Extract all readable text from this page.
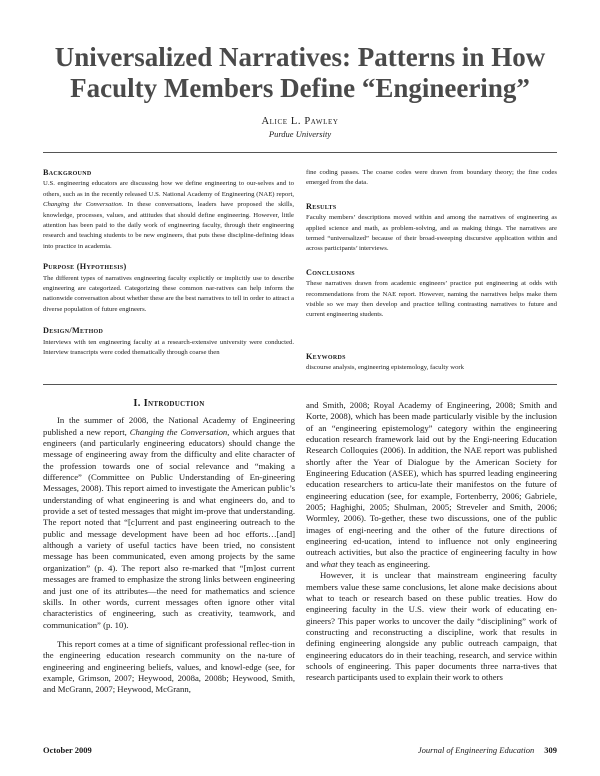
Universalized Narratives: Patterns in How
Faculty Members Define “Engineering”
Alice L. Pawley
Purdue University
Background

U.S. engineering educators are discussing how we define engineering to our-selves and to others, such as in the recently released U.S. National Academy of Engineering (NAE) report, Changing the Conversation. In these conversations, leaders have proposed the skills, knowledge, processes, values, and attitudes that should define engineering. However, little attention has been paid to the daily work of engineering faculty, through their engineering research and teaching students to be new engineers, that puts these discipline-defining ideas into practice in academia.

Purpose (Hypothesis)

The different types of narratives engineering faculty explicitly or implicitly use to describe engineering are categorized. Categorizing these common nar-ratives can help inform the nationwide conversation about whether these are the best narratives to tell in order to attract a diverse population of future engineers.

Design/Method

Interviews with ten engineering faculty at a research-extensive university were conducted. Interview transcripts were coded thematically through coarse then

fine coding passes. The coarse codes were drawn from boundary theory; the fine codes emerged from the data.

Results

Faculty members’ descriptions moved within and among the narratives of engineering as applied science and math, as problem-solving, and as making things. The narratives are termed “universalized” because of their broad-sweeping discursive application within and across participants’ interviews.

Conclusions

These narratives drawn from academic engineers’ practice put engineering at odds with recommendations from the NAE report. However, naming the narratives helps make them visible so we may then develop and practice telling contrasting narratives to future and current engineering students.

Keywords

discourse analysis, engineering epistemology, faculty work

I. Introduction

In the summer of 2008, the National Academy of Engineering published a new report, Changing the Conversation, which argues that engineers (and particularly engineering educators) should change the message of engineering away from the difficulty and elite character of the profession towards one of social relevance and “making a difference” (Committee on Public Understanding of En-gineering Messages, 2008). This report aimed to investigate the American public’s understanding of what engineering is and what engineers do, and to provide a set of tested messages that might im-prove that understanding. The report noted that “[c]urrent and past engineering outreach to the public and message development have been ad hoc efforts…[and] although a variety of useful tactics have been tried, no consistent message has been communicated, even among projects by the same organization” (p. 4). The report also re-marked that “[m]ost current messages are framed to emphasize the strong links between engineering and just one of its attributes—the need for mathematics and science skills. In other words, current messages often ignore other vital characteristics of engineering, such as creativity, teamwork, and communication” (p. 10).

This report comes at a time of significant professional reflec-tion in the engineering education research community on the na-ture of engineering and engineering beliefs, values, and knowl-edge (see, for example, Grimson, 2007; Heywood, 2008a, 2008b; Heywood, Smith, and McGrann, 2007; Heywood, McGrann,

and Smith, 2008; Royal Academy of Engineering, 2008; Smith and Korte, 2008), which has been made particularly visible by the inclusion of an “engineering epistemology” category within the engineering education research framework laid out by the Engi-neering Education Research Colloquies (2006). In addition, the NAE report was published shortly after the Year of Dialogue by the American Society for Engineering Education (ASEE), which has spurred leading engineering education researchers to articu-late their manifestos on the future of engineering education (see, for example, Fortenberry, 2006; Gabriele, 2005; Haghighi, 2005; Shulman, 2005; Streveler and Smith, 2006; Wormley, 2006). To-gether, these two discussions, one of the public images of engi-neering and the other of the future directions of engineering ed-ucation, intend to influence not only engineering outreach activities, but also the practice of engineering faculty in how and what they teach as engineering.

However, it is unclear that mainstream engineering faculty members value these same conclusions, let alone make decisions about what to teach or research based on these public treaties. How do engineering faculty in the U.S. view their work of educating en-gineers? This paper works to uncover the daily “disciplining” work of constructing and reconstructing a discipline, work that results in defining engineering alongside any public outreach campaign, that engineering educators do in their teaching, research, and service within schools of engineering. This paper documents three narra-tives that research participants used to explain their work to others

October 2009	Journal of Engineering Education 309
